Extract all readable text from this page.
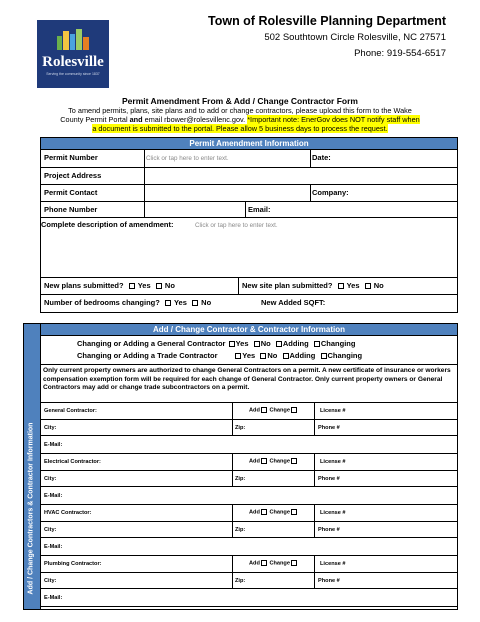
Rolesville
Serving the community since 1837
Town of Rolesville Planning Department
502 Southtown Circle Rolesville, NC 27571
Phone: 919-554-6517
Permit Amendment From & Add / Change Contractor Form
To amend permits, plans, site plans and to add or change contractors, please upload this form to the Wake
County Permit Portal and email rbower@rolesvillenc.gov. *Important note: EnerGov does NOT notify staff when
a document is submitted to the portal. Please allow 5 business days to process the request.
Permit Amendment Information
Permit Number	Click or tap here to enter text.	Date:
Project Address
Permit Contact	Company:
Phone Number	Email:
Complete description of amendment:	Click or tap here to enter text.
New plans submitted? Yes No	New site plan submitted? Yes No
Number of bedrooms changing? Yes No	New Added SQFT:
Add / Change Contractors & Contractor Information
Add / Change Contractor & Contractor Information
Changing or Adding a General Contractor Yes No Adding Changing
Changing or Adding a Trade Contractor	Yes No Adding Changing
Only current property owners are authorized to change General Contractors on a permit. A new certificate of insurance or workers compensation exemption form will be required for each change of General Contractor. Only current property owners or General Contractors may add or change trade subcontractors on a permit.
General Contractor:	Add Change	License #
City:	Zip:	Phone #
E-Mail:
Electrical Contractor:	Add Change	License #
City:	Zip:	Phone #
E-Mail:
HVAC Contractor:	Add Change	License #
City:	Zip:	Phone #
E-Mail:
Plumbing Contractor:	Add Change	License #
City:	Zip:	Phone #
E-Mail:
